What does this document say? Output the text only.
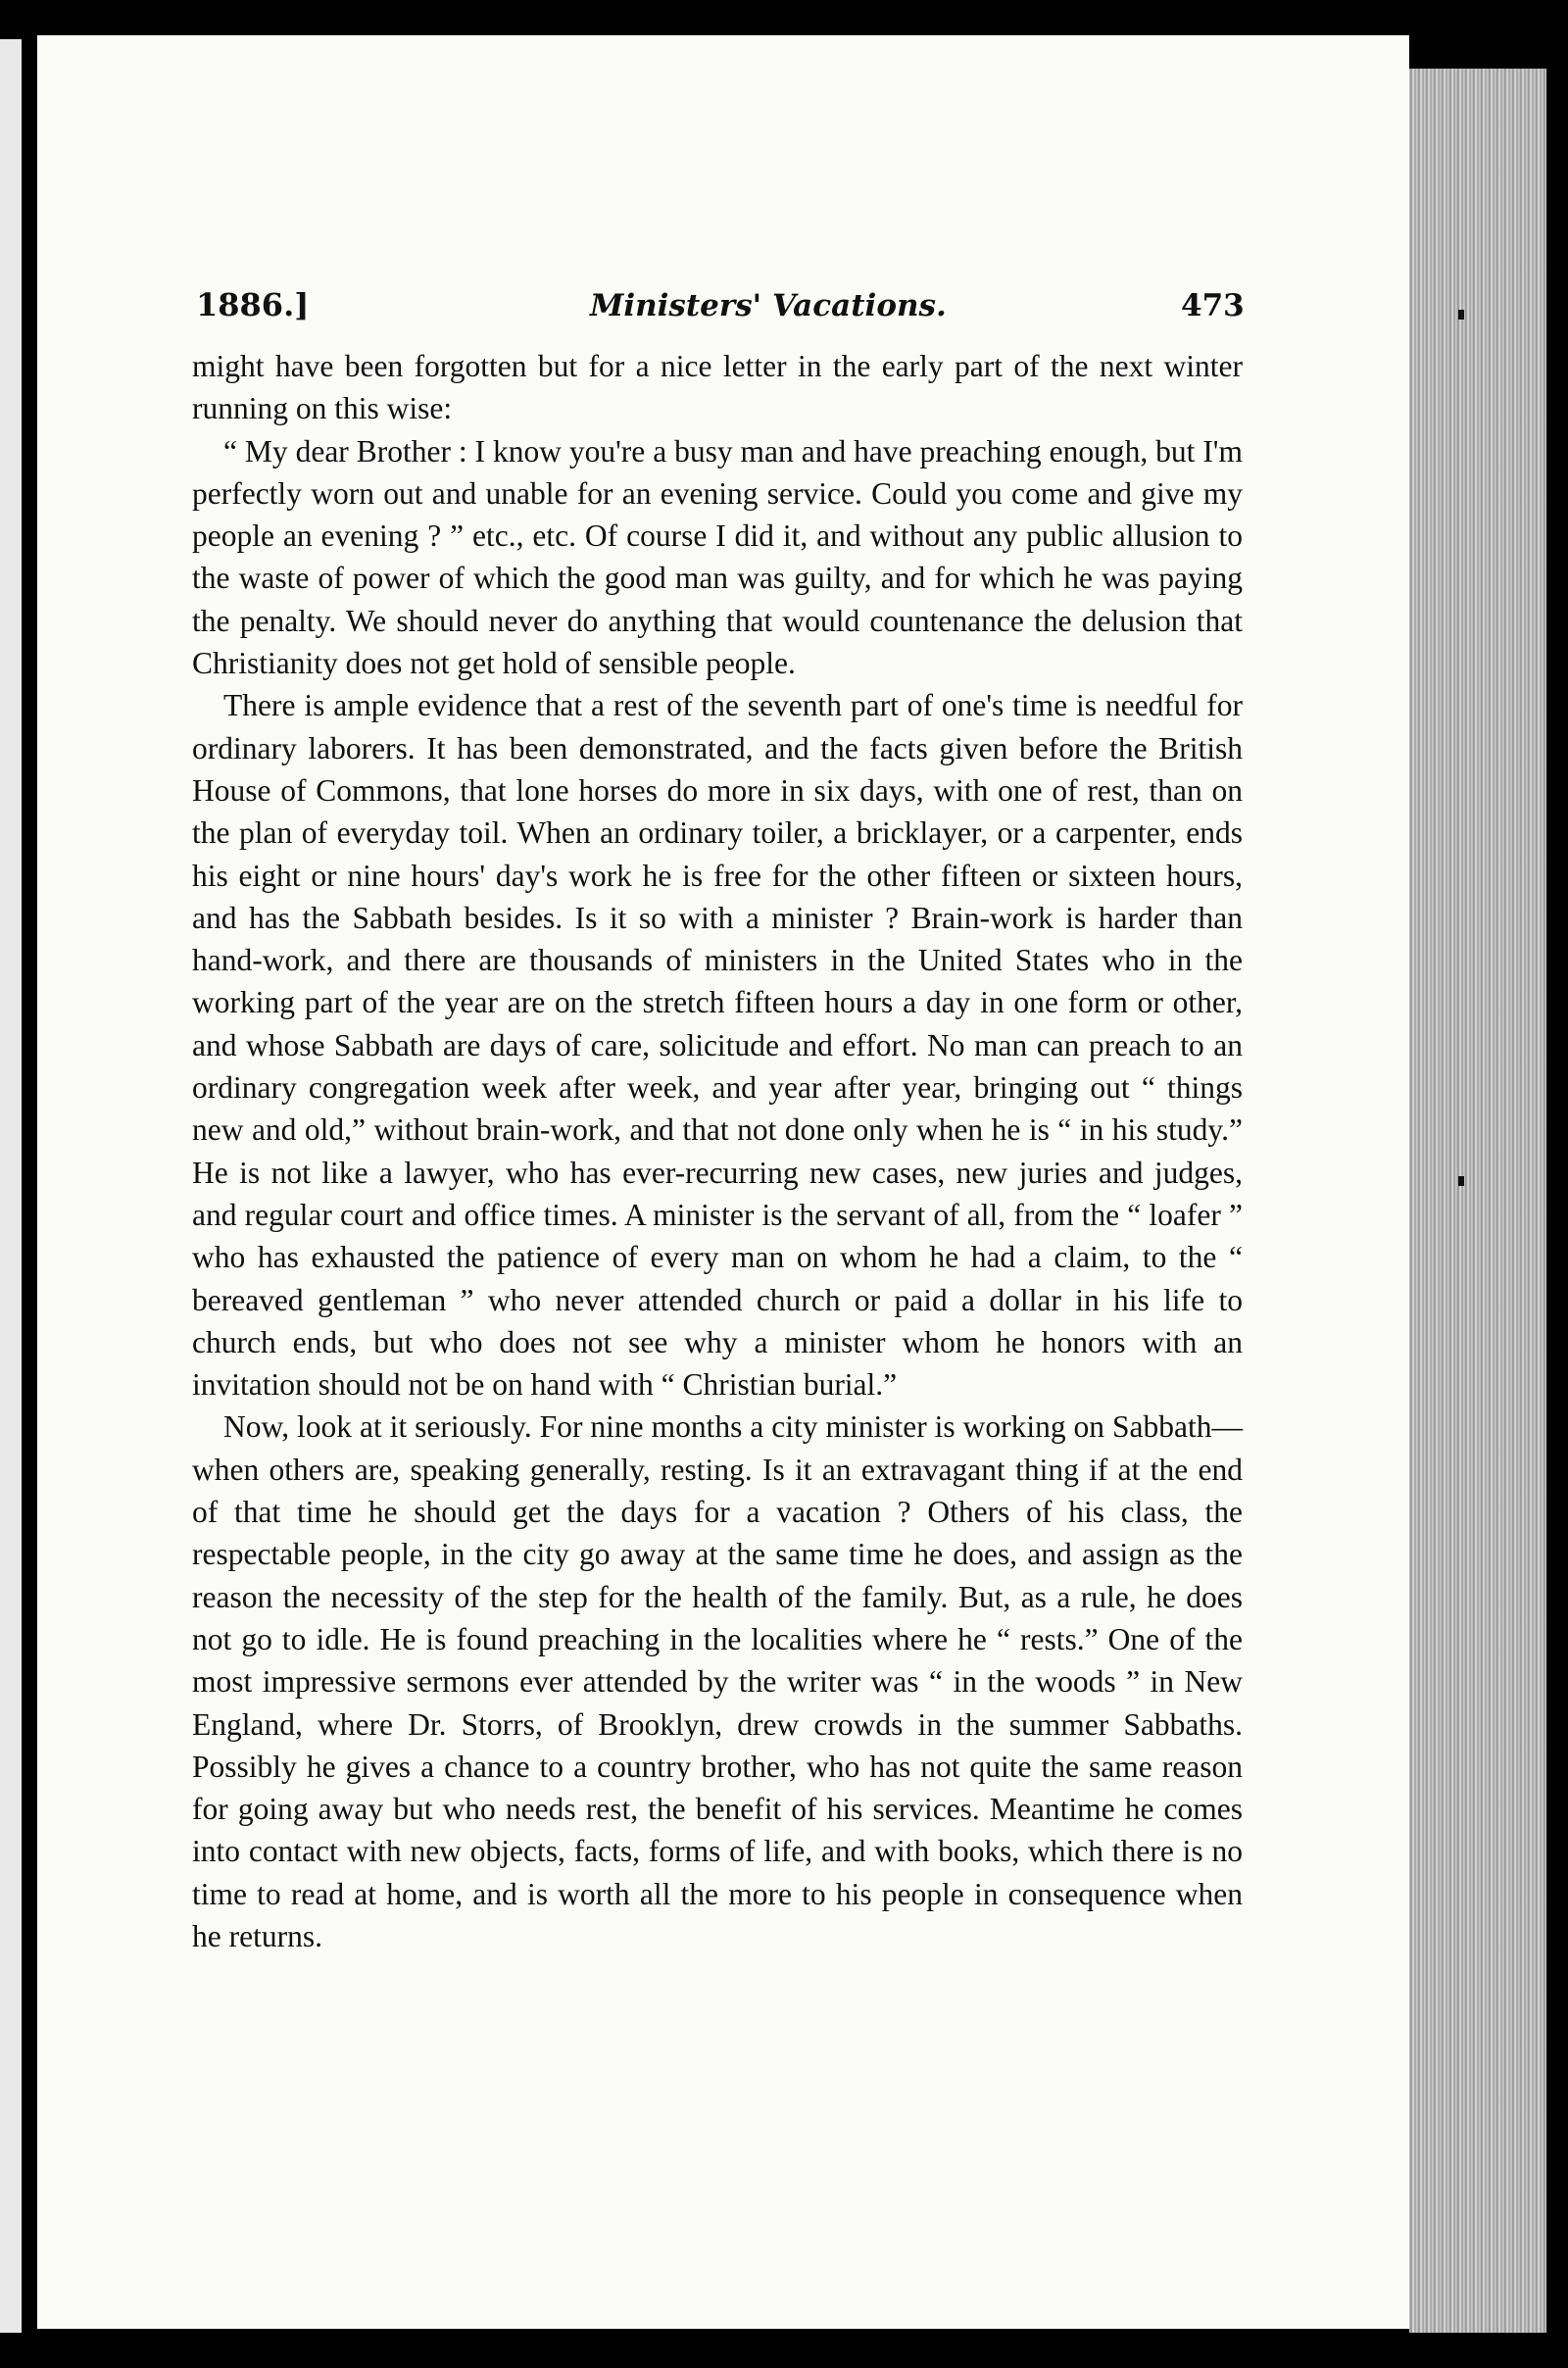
1886.]	Ministers' Vacations.	473

might have been forgotten but for a nice letter in the early part of the next winter running on this wise:

“ My dear Brother : I know you're a busy man and have preaching enough, but I'm perfectly worn out and unable for an evening service. Could you come and give my people an evening ? ” etc., etc. Of course I did it, and without any public allusion to the waste of power of which the good man was guilty, and for which he was paying the penalty. We should never do anything that would countenance the delusion that Christianity does not get hold of sensible people.

There is ample evidence that a rest of the seventh part of one's time is needful for ordinary laborers. It has been demonstrated, and the facts given before the British House of Commons, that lone horses do more in six days, with one of rest, than on the plan of everyday toil. When an ordinary toiler, a bricklayer, or a carpenter, ends his eight or nine hours' day's work he is free for the other fifteen or sixteen hours, and has the Sabbath besides. Is it so with a minister ? Brain-work is harder than hand-work, and there are thousands of ministers in the United States who in the working part of the year are on the stretch fifteen hours a day in one form or other, and whose Sabbath are days of care, solicitude and effort. No man can preach to an ordinary congregation week after week, and year after year, bringing out “ things new and old,” without brain-work, and that not done only when he is “ in his study.” He is not like a lawyer, who has ever-recurring new cases, new juries and judges, and regular court and office times. A minister is the servant of all, from the “ loafer ” who has exhausted the patience of every man on whom he had a claim, to the “ bereaved gentleman ” who never attended church or paid a dollar in his life to church ends, but who does not see why a minister whom he honors with an invitation should not be on hand with “ Christian burial.”

Now, look at it seriously. For nine months a city minister is working on Sabbath—when others are, speaking generally, resting. Is it an extravagant thing if at the end of that time he should get the days for a vacation ? Others of his class, the respectable people, in the city go away at the same time he does, and assign as the reason the necessity of the step for the health of the family. But, as a rule, he does not go to idle. He is found preaching in the localities where he “ rests.” One of the most impressive sermons ever attended by the writer was “ in the woods ” in New England, where Dr. Storrs, of Brooklyn, drew crowds in the summer Sabbaths. Possibly he gives a chance to a country brother, who has not quite the same reason for going away but who needs rest, the benefit of his services. Meantime he comes into contact with new objects, facts, forms of life, and with books, which there is no time to read at home, and is worth all the more to his people in consequence when he returns.
